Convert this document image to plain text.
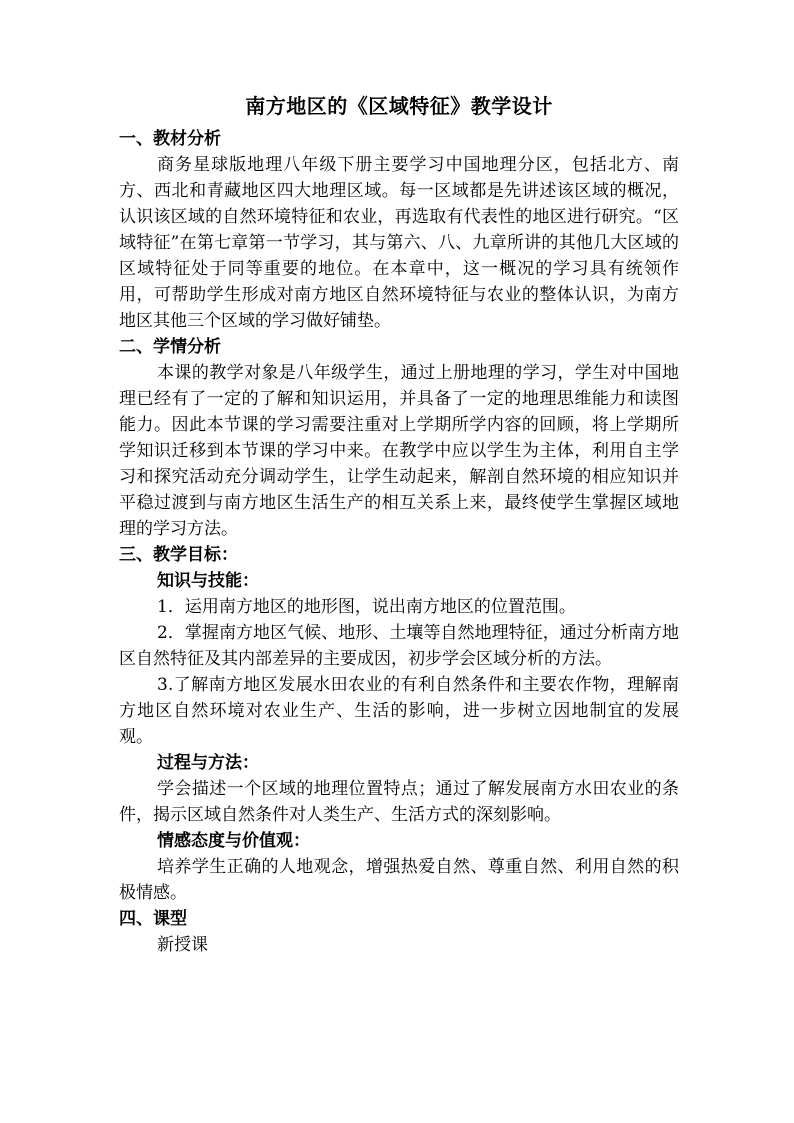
南方地区的《区域特征》教学设计
一、教材分析

商务星球版地理八年级下册主要学习中国地理分区，包括北方、南方、西北和青藏地区四大地理区域。每一区域都是先讲述该区域的概况，认识该区域的自然环境特征和农业，再选取有代表性的地区进行研究。“区域特征”在第七章第一节学习，其与第六、八、九章所讲的其他几大区域的区域特征处于同等重要的地位。在本章中，这一概况的学习具有统领作用，可帮助学生形成对南方地区自然环境特征与农业的整体认识，为南方地区其他三个区域的学习做好铺垫。

二、学情分析

本课的教学对象是八年级学生，通过上册地理的学习，学生对中国地理已经有了一定的了解和知识运用，并具备了一定的地理思维能力和读图能力。因此本节课的学习需要注重对上学期所学内容的回顾，将上学期所学知识迁移到本节课的学习中来。在教学中应以学生为主体，利用自主学习和探究活动充分调动学生，让学生动起来，解剖自然环境的相应知识并平稳过渡到与南方地区生活生产的相互关系上来，最终使学生掌握区域地理的学习方法。

三、教学目标：
知识与技能：

1．运用南方地区的地形图，说出南方地区的位置范围。

2．掌握南方地区气候、地形、土壤等自然地理特征，通过分析南方地区自然特征及其内部差异的主要成因，初步学会区域分析的方法。

3.了解南方地区发展水田农业的有利自然条件和主要农作物，理解南方地区自然环境对农业生产、生活的影响，进一步树立因地制宜的发展观。

过程与方法：

学会描述一个区域的地理位置特点；通过了解发展南方水田农业的条件，揭示区域自然条件对人类生产、生活方式的深刻影响。

情感态度与价值观：

培养学生正确的人地观念，增强热爱自然、尊重自然、利用自然的积极情感。

四、课型

新授课
